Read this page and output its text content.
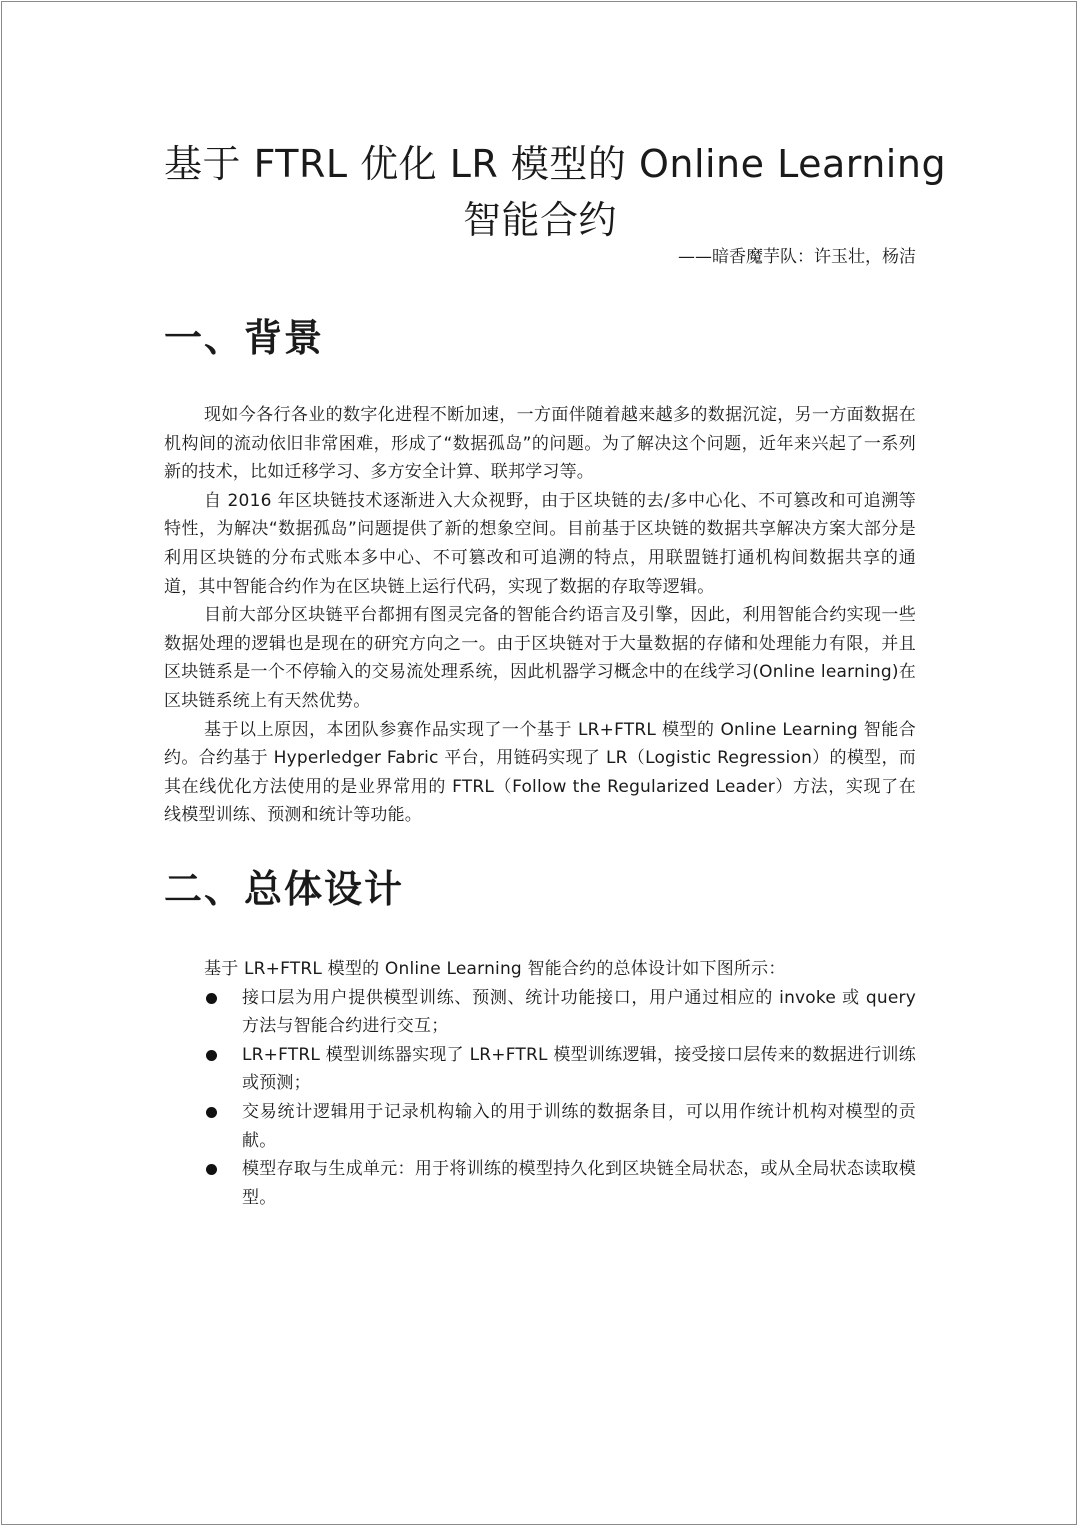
基于 FTRL 优化 LR 模型的 Online Learning
智能合约

——暗香魔芋队：许玉壮，杨洁

一、背景

现如今各行各业的数字化进程不断加速，一方面伴随着越来越多的数据沉淀，另一方面数据在机构间的流动依旧非常困难，形成了“数据孤岛”的问题。为了解决这个问题，近年来兴起了一系列新的技术，比如迁移学习、多方安全计算、联邦学习等。

自 2016 年区块链技术逐渐进入大众视野，由于区块链的去/多中心化、不可篡改和可追溯等特性，为解决“数据孤岛”问题提供了新的想象空间。目前基于区块链的数据共享解决方案大部分是利用区块链的分布式账本多中心、不可篡改和可追溯的特点，用联盟链打通机构间数据共享的通道，其中智能合约作为在区块链上运行代码，实现了数据的存取等逻辑。

目前大部分区块链平台都拥有图灵完备的智能合约语言及引擎，因此，利用智能合约实现一些数据处理的逻辑也是现在的研究方向之一。由于区块链对于大量数据的存储和处理能力有限，并且区块链系是一个不停输入的交易流处理系统，因此机器学习概念中的在线学习(Online learning)在区块链系统上有天然优势。

基于以上原因，本团队参赛作品实现了一个基于 LR+FTRL 模型的 Online Learning 智能合约。合约基于 Hyperledger Fabric 平台，用链码实现了 LR（Logistic Regression）的模型，而其在线优化方法使用的是业界常用的 FTRL（Follow the Regularized Leader）方法，实现了在线模型训练、预测和统计等功能。

二、总体设计

基于 LR+FTRL 模型的 Online Learning 智能合约的总体设计如下图所示：

接口层为用户提供模型训练、预测、统计功能接口，用户通过相应的 invoke 或 query 方法与智能合约进行交互；
LR+FTRL 模型训练器实现了 LR+FTRL 模型训练逻辑，接受接口层传来的数据进行训练或预测；
交易统计逻辑用于记录机构输入的用于训练的数据条目，可以用作统计机构对模型的贡献。
模型存取与生成单元：用于将训练的模型持久化到区块链全局状态，或从全局状态读取模型。
